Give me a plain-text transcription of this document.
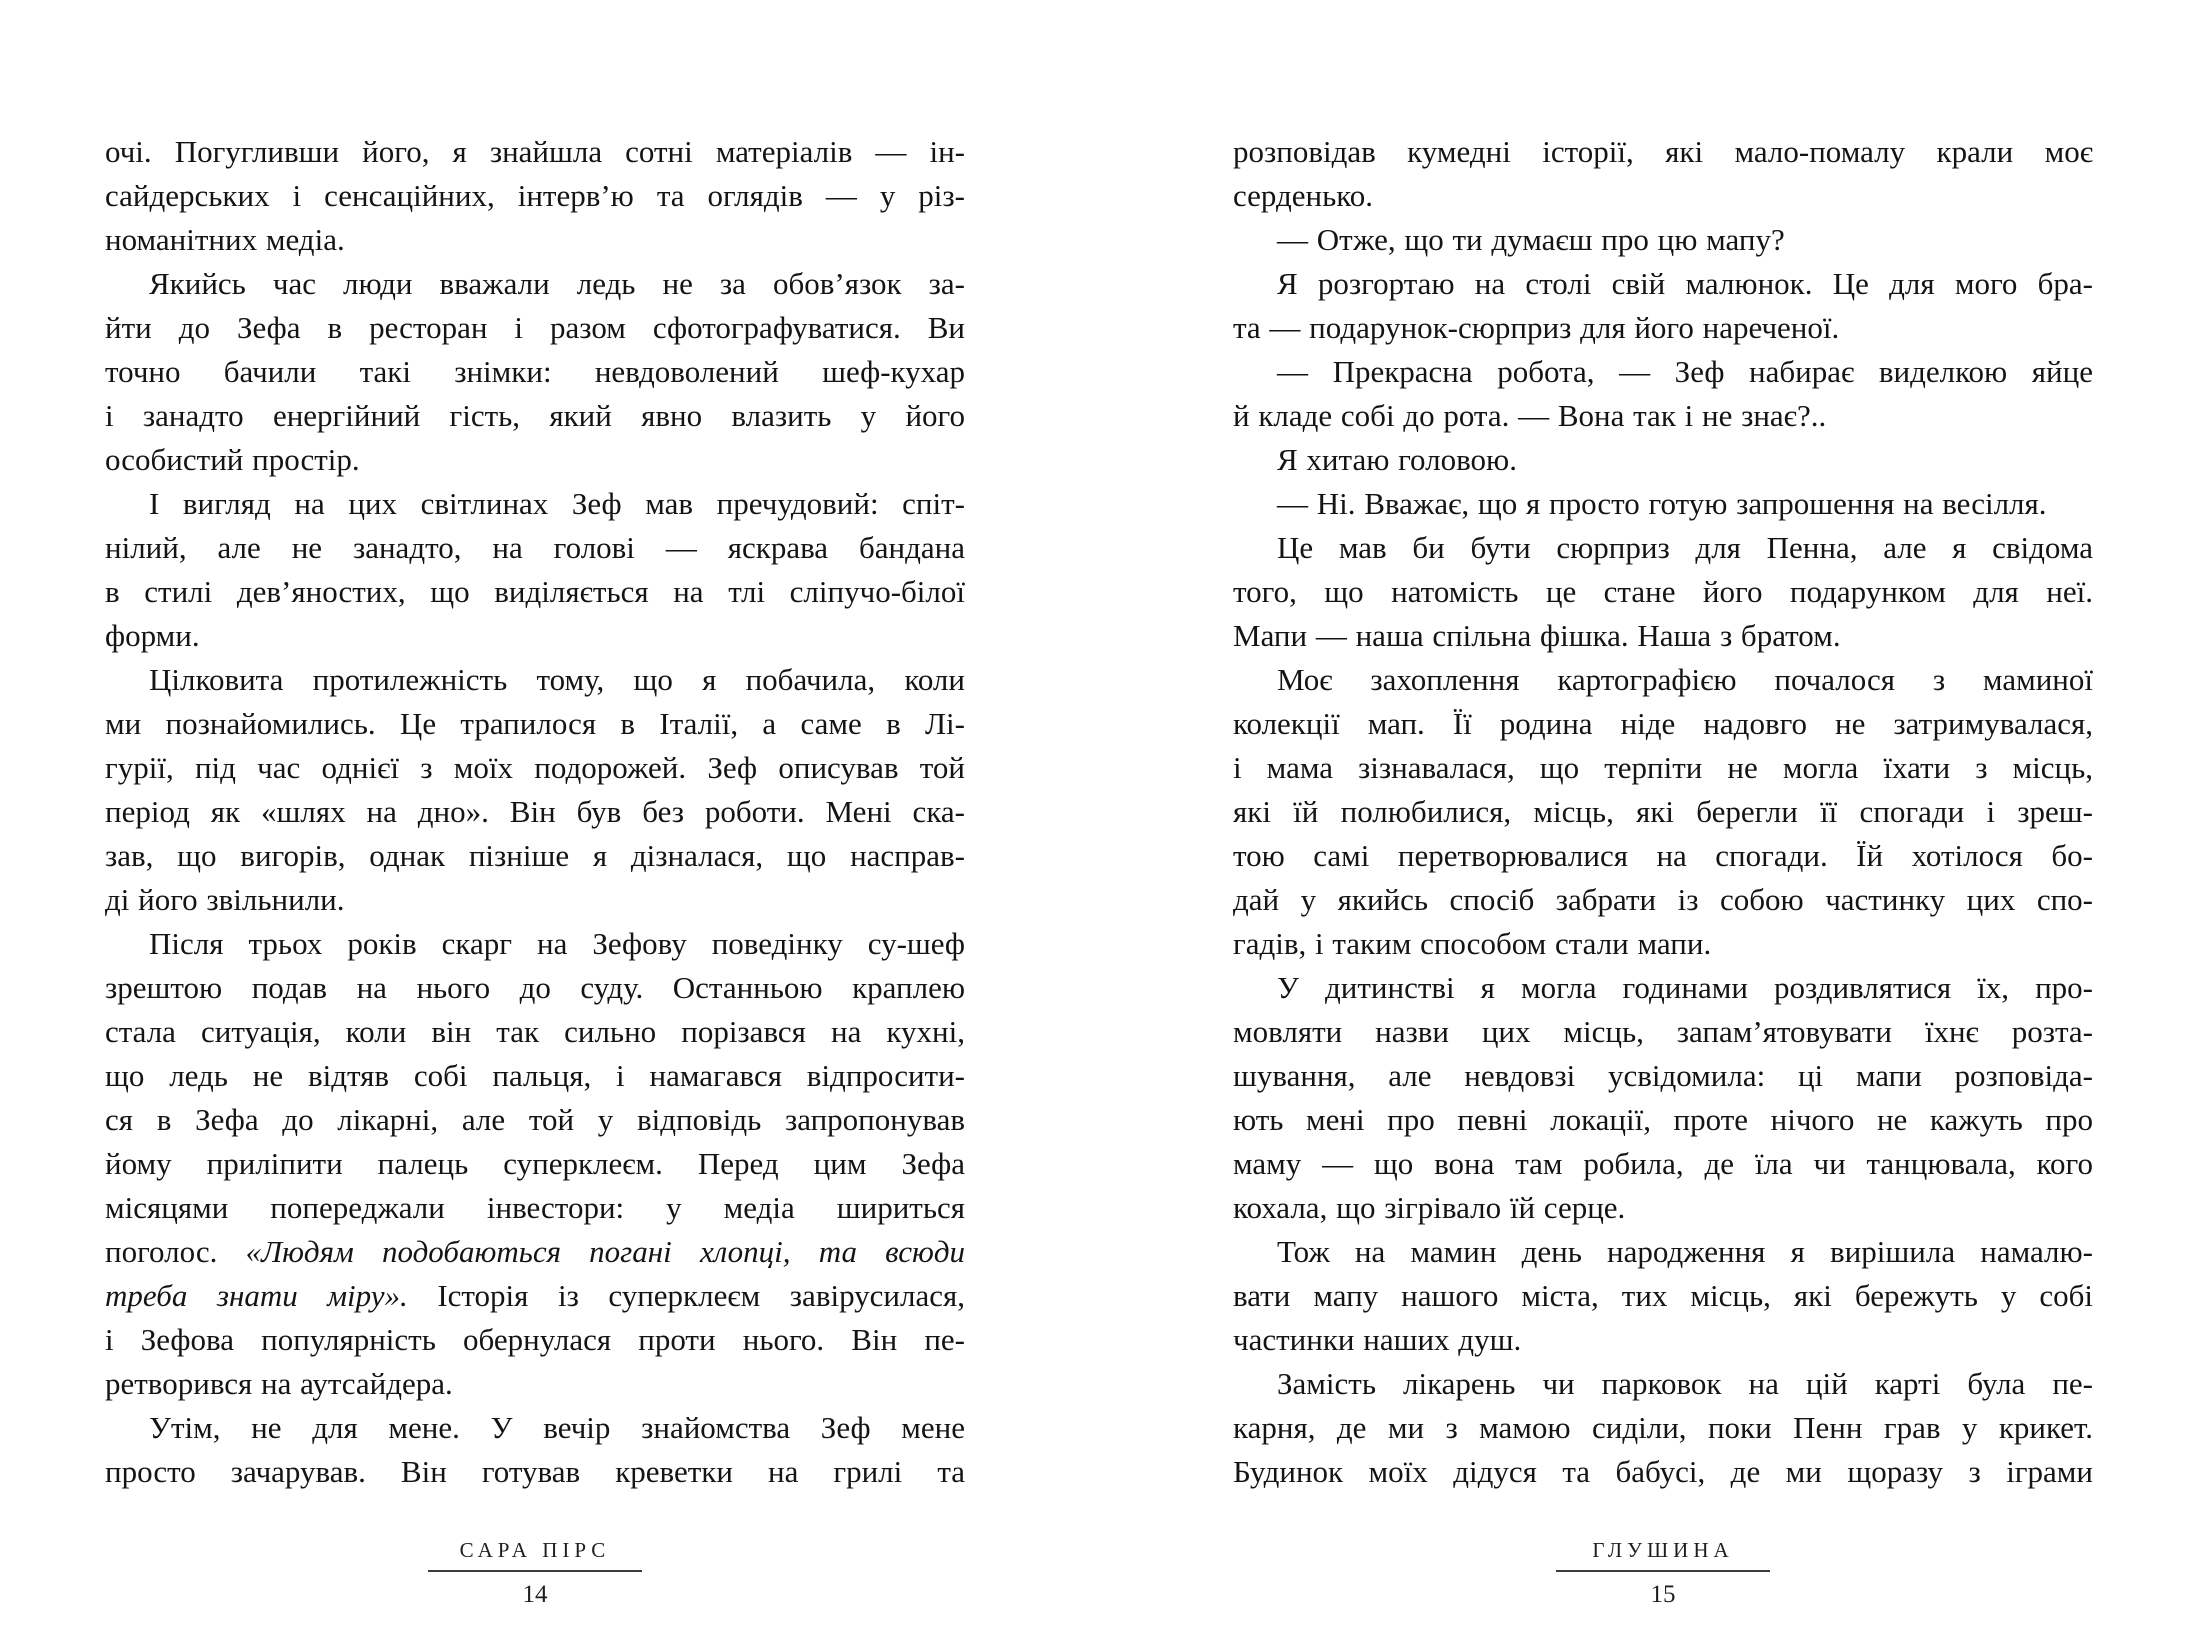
очі. Погугливши його, я знайшла сотні матеріалів — ін-
сайдерських і сенсаційних, інтерв’ю та оглядів — у різ-
номанітних медіа.
Якийсь час люди вважали ледь не за обов’язок за-
йти до Зефа в ресторан і разом сфотографуватися. Ви
точно бачили такі знімки: невдоволений шеф-кухар
і занадто енергійний гість, який явно влазить у його
особистий простір.
І вигляд на цих світлинах Зеф мав пречудовий: спіт-
нілий, але не занадто, на голові — яскрава бандана
в стилі дев’яностих, що виділяється на тлі сліпучо-білої
форми.
Цілковита протилежність тому, що я побачила, коли
ми познайомились. Це трапилося в Італії, а саме в Лі-
гурії, під час однієї з моїх подорожей. Зеф описував той
період як «шлях на дно». Він був без роботи. Мені ска-
зав, що вигорів, однак пізніше я дізналася, що насправ-
ді його звільнили.
Після трьох років скарг на Зефову поведінку су-шеф
зрештою подав на нього до суду. Останньою краплею
стала ситуація, коли він так сильно порізався на кухні,
що ледь не відтяв собі пальця, і намагався відпросити-
ся в Зефа до лікарні, але той у відповідь запропонував
йому приліпити палець суперклеєм. Перед цим Зефа
місяцями попереджали інвестори: у медіа шириться
поголос. «Людям подобаються погані хлопці, та всюди
треба знати міру». Історія із суперклеєм завірусилася,
і Зефова популярність обернулася проти нього. Він пе-
ретворився на аутсайдера.
Утім, не для мене. У вечір знайомства Зеф мене
просто зачарував. Він готував креветки на грилі та
розповідав кумедні історії, які мало-помалу крали моє
серденько.
— Отже, що ти думаєш про цю мапу?
Я розгортаю на столі свій малюнок. Це для мого бра-
та — подарунок-сюрприз для його нареченої.
— Прекрасна робота, — Зеф набирає виделкою яйце
й кладе собі до рота. — Вона так і не знає?..
Я хитаю головою.
— Ні. Вважає, що я просто готую запрошення на весілля.
Це мав би бути сюрприз для Пенна, але я свідома
того, що натомість це стане його подарунком для неї.
Мапи — наша спільна фішка. Наша з братом.
Моє захоплення картографією почалося з маминої
колекції мап. Її родина ніде надовго не затримувалася,
і мама зізнавалася, що терпіти не могла їхати з місць,
які їй полюбилися, місць, які берегли її спогади і зреш-
тою самі перетворювалися на спогади. Їй хотілося бо-
дай у якийсь спосіб забрати із собою частинку цих спо-
гадів, і таким способом стали мапи.
У дитинстві я могла годинами роздивлятися їх, про-
мовляти назви цих місць, запам’ятовувати їхнє розта-
шування, але невдовзі усвідомила: ці мапи розповіда-
ють мені про певні локації, проте нічого не кажуть про
маму — що вона там робила, де їла чи танцювала, кого
кохала, що зігрівало їй серце.
Тож на мамин день народження я вирішила намалю-
вати мапу нашого міста, тих місць, які бережуть у собі
частинки наших душ.
Замість лікарень чи парковок на цій карті була пе-
карня, де ми з мамою сиділи, поки Пенн грав у крикет.
Будинок моїх дідуся та бабусі, де ми щоразу з іграми
САРА ПІРС
14
ГЛУШИНА
15
